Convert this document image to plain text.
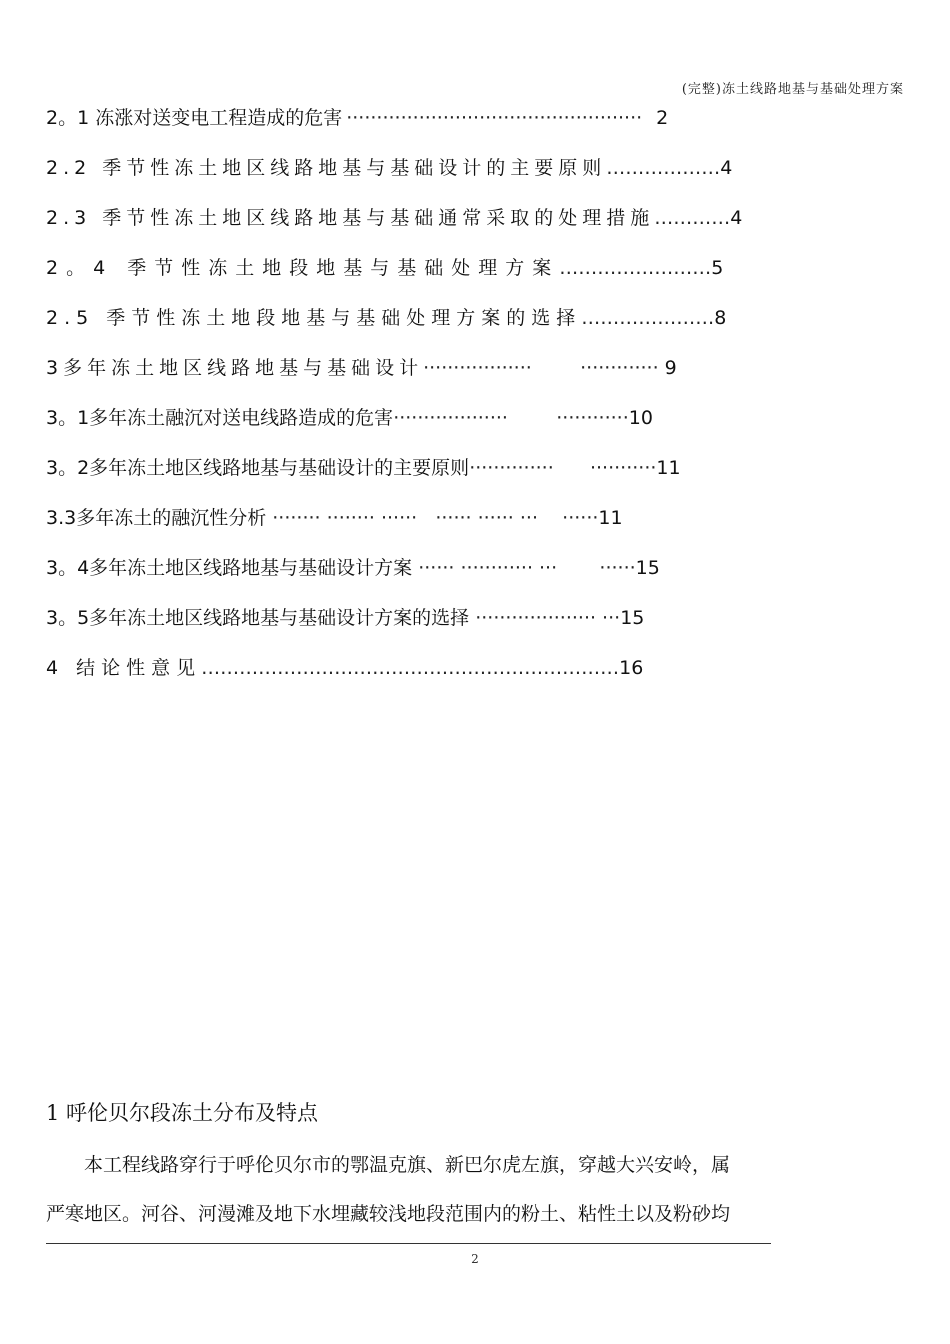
(完整)冻土线路地基与基础处理方案
2。1 冻涨对送变电工程造成的危害 ················································· 2
2.2 季节性冻土地区线路地基与基础设计的主要原则………………4
2.3 季节性冻土地区线路地基与基础通常采取的处理措施…………4
2。4 季节性冻土地段地基与基础处理方案……………………5
2.5 季节性冻土地段地基与基础处理方案的选择…………………8
3多年冻土地区线路地基与基础设计··················        ············· 9
3。1多年冻土融沉对送电线路造成的危害···················        ············10
3。2多年冻土地区线路地基与基础设计的主要原则··············      ···········11
3.3多年冻土的融沉性分析 ········ ········ ······   ······ ······ ···    ······11
3。4多年冻土地区线路地基与基础设计方案 ······ ············ ···       ······15
3。5多年冻土地区线路地基与基础设计方案的选择 ···················· ···15
4 结论性意见…………………………………………………………16
1 呼伦贝尔段冻土分布及特点
　　本工程线路穿行于呼伦贝尔市的鄂温克旗、新巴尔虎左旗，穿越大兴安岭，属
严寒地区。河谷、河漫滩及地下水埋藏较浅地段范围内的粉土、粘性土以及粉砂均
2
